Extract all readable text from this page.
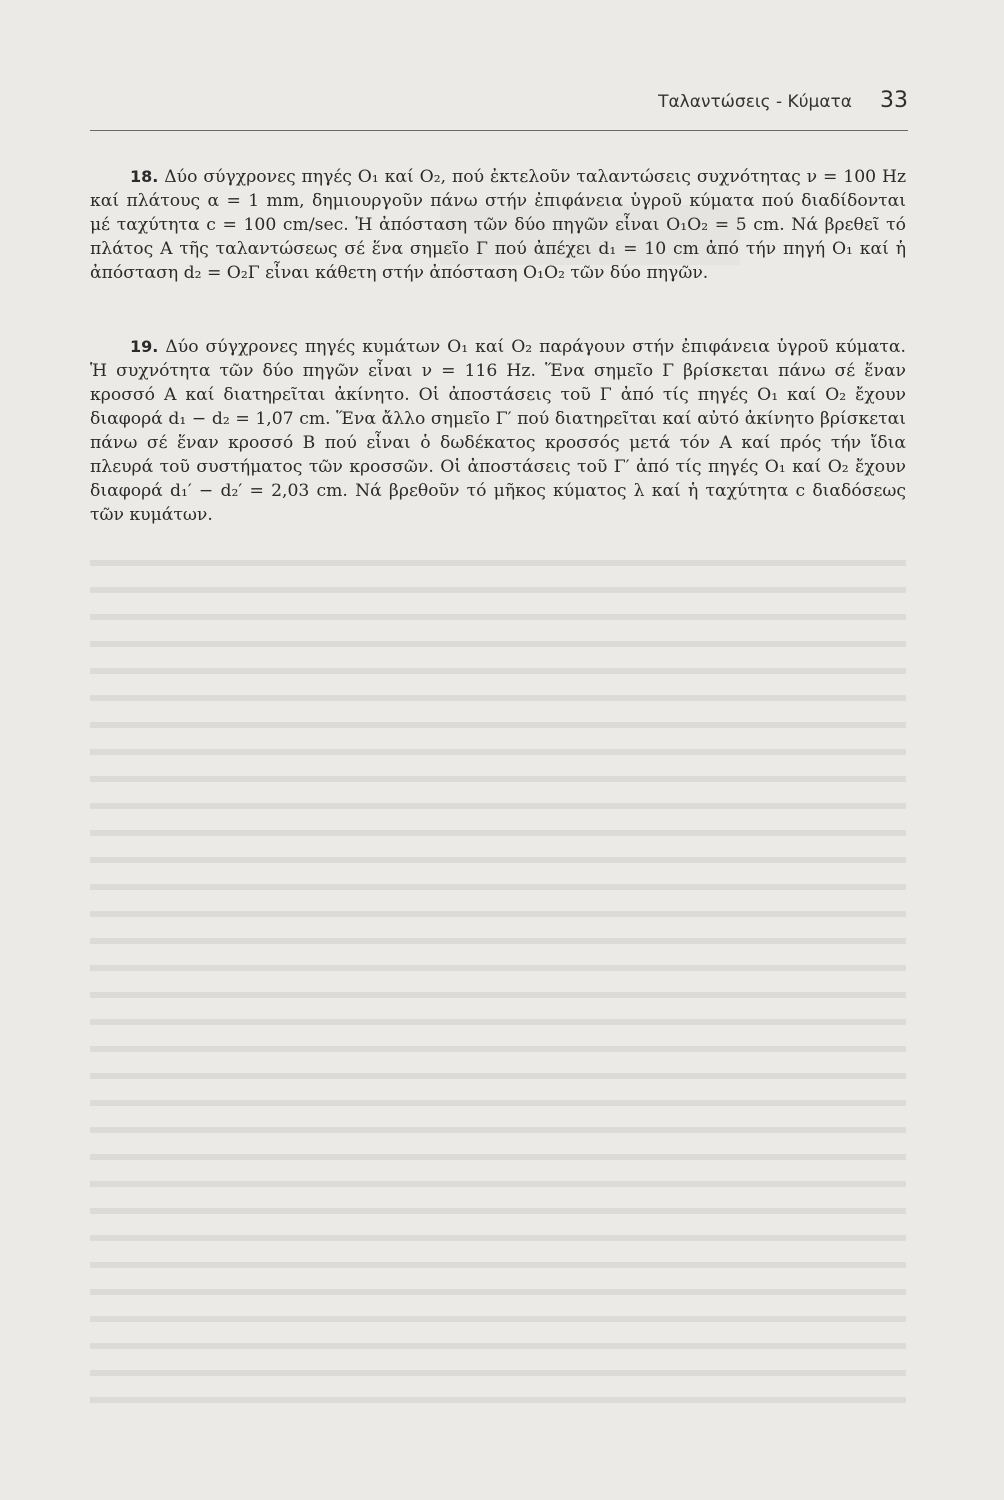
Ταλαντώσεις - Κύματα 33

18. Δύο σύγχρονες πηγές O₁ καί O₂, πού ἐκτελοῦν ταλαντώσεις συχνότητας ν = 100 Hz καί πλάτους α = 1 mm, δημιουργοῦν πάνω στήν ἐπιφάνεια ὑγροῦ κύματα πού διαδίδονται μέ ταχύτητα c = 100 cm/sec. Ἡ ἀπόσταση τῶν δύο πηγῶν εἶναι O₁O₂ = 5 cm. Νά βρεθεῖ τό πλάτος Α τῆς ταλαντώσεως σέ ἕνα σημεῖο Γ πού ἀπέχει d₁ = 10 cm ἀπό τήν πηγή O₁ καί ἡ ἀπόσταση d₂ = O₂Γ εἶναι κάθετη στήν ἀπόσταση O₁O₂ τῶν δύο πηγῶν.

19. Δύο σύγχρονες πηγές κυμάτων O₁ καί O₂ παράγουν στήν ἐπιφάνεια ὑγροῦ κύματα. Ἡ συχνότητα τῶν δύο πηγῶν εἶναι ν = 116 Hz. Ἕνα σημεῖο Γ βρίσκεται πάνω σέ ἕναν κροσσό Α καί διατηρεῖται ἀκίνητο. Οἱ ἀποστάσεις τοῦ Γ ἀπό τίς πηγές O₁ καί O₂ ἔχουν διαφορά d₁ − d₂ = 1,07 cm. Ἕνα ἄλλο σημεῖο Γ′ πού διατηρεῖται καί αὐτό ἀκίνητο βρίσκεται πάνω σέ ἕναν κροσσό Β πού εἶναι ὁ δωδέκατος κροσσός μετά τόν Α καί πρός τήν ἴδια πλευρά τοῦ συστήματος τῶν κροσσῶν. Οἱ ἀποστάσεις τοῦ Γ′ ἀπό τίς πηγές O₁ καί O₂ ἔχουν διαφορά d₁′ − d₂′ = 2,03 cm. Νά βρεθοῦν τό μῆκος κύματος λ καί ἡ ταχύτητα c διαδόσεως τῶν κυμάτων.
